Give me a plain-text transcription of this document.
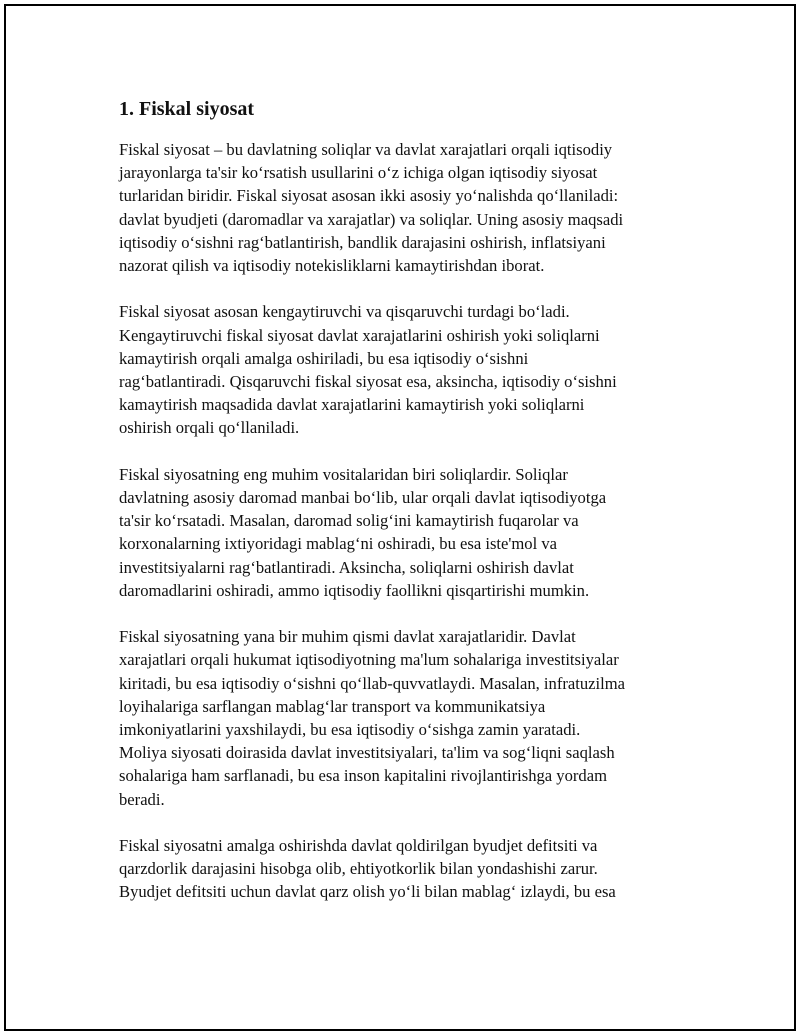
1. Fiskal siyosat

Fiskal siyosat – bu davlatning soliqlar va davlat xarajatlari orqali iqtisodiy
jarayonlarga ta'sir ko‘rsatish usullarini o‘z ichiga olgan iqtisodiy siyosat
turlaridan biridir. Fiskal siyosat asosan ikki asosiy yo‘nalishda qo‘llaniladi:
davlat byudjeti (daromadlar va xarajatlar) va soliqlar. Uning asosiy maqsadi
iqtisodiy o‘sishni rag‘batlantirish, bandlik darajasini oshirish, inflatsiyani
nazorat qilish va iqtisodiy notekisliklarni kamaytirishdan iborat.

Fiskal siyosat asosan kengaytiruvchi va qisqaruvchi turdagi bo‘ladi.
Kengaytiruvchi fiskal siyosat davlat xarajatlarini oshirish yoki soliqlarni
kamaytirish orqali amalga oshiriladi, bu esa iqtisodiy o‘sishni
rag‘batlantiradi. Qisqaruvchi fiskal siyosat esa, aksincha, iqtisodiy o‘sishni
kamaytirish maqsadida davlat xarajatlarini kamaytirish yoki soliqlarni
oshirish orqali qo‘llaniladi.

Fiskal siyosatning eng muhim vositalaridan biri soliqlardir. Soliqlar
davlatning asosiy daromad manbai bo‘lib, ular orqali davlat iqtisodiyotga
ta'sir ko‘rsatadi. Masalan, daromad solig‘ini kamaytirish fuqarolar va
korxonalarning ixtiyoridagi mablag‘ni oshiradi, bu esa iste'mol va
investitsiyalarni rag‘batlantiradi. Aksincha, soliqlarni oshirish davlat
daromadlarini oshiradi, ammo iqtisodiy faollikni qisqartirishi mumkin.

Fiskal siyosatning yana bir muhim qismi davlat xarajatlaridir. Davlat
xarajatlari orqali hukumat iqtisodiyotning ma'lum sohalariga investitsiyalar
kiritadi, bu esa iqtisodiy o‘sishni qo‘llab-quvvatlaydi. Masalan, infratuzilma
loyihalariga sarflangan mablag‘lar transport va kommunikatsiya
imkoniyatlarini yaxshilaydi, bu esa iqtisodiy o‘sishga zamin yaratadi.
Moliya siyosati doirasida davlat investitsiyalari, ta'lim va sog‘liqni saqlash
sohalariga ham sarflanadi, bu esa inson kapitalini rivojlantirishga yordam
beradi.

Fiskal siyosatni amalga oshirishda davlat qoldirilgan byudjet defitsiti va
qarzdorlik darajasini hisobga olib, ehtiyotkorlik bilan yondashishi zarur.
Byudjet defitsiti uchun davlat qarz olish yo‘li bilan mablag‘ izlaydi, bu esa
